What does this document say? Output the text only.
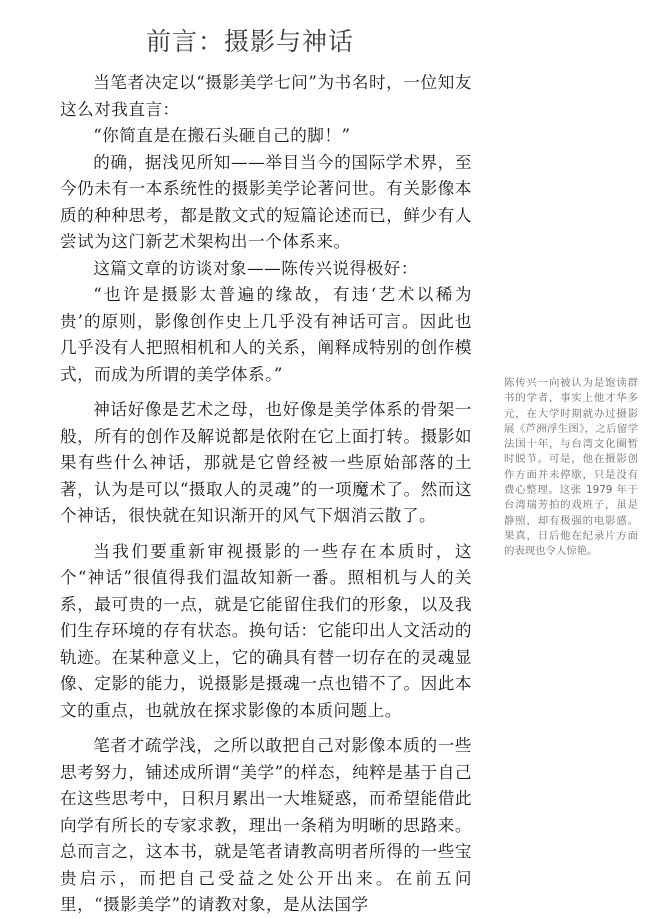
前言：摄影与神话

当笔者决定以“摄影美学七问”为书名时，一位知友这么对我直言：

“你简直是在搬石头砸自己的脚！”

的确，据浅见所知——举目当今的国际学术界，至今仍未有一本系统性的摄影美学论著问世。有关影像本质的种种思考，都是散文式的短篇论述而已，鲜少有人尝试为这门新艺术架构出一个体系来。

这篇文章的访谈对象——陈传兴说得极好：

“也许是摄影太普遍的缘故，有违‘艺术以稀为贵’的原则，影像创作史上几乎没有神话可言。因此也几乎没有人把照相机和人的关系，阐释成特别的创作模式，而成为所谓的美学体系。”

神话好像是艺术之母，也好像是美学体系的骨架一般，所有的创作及解说都是依附在它上面打转。摄影如果有些什么神话，那就是它曾经被一些原始部落的土著，认为是可以“摄取人的灵魂”的一项魔术了。然而这个神话，很快就在知识渐开的风气下烟消云散了。

当我们要重新审视摄影的一些存在本质时，这个“神话”很值得我们温故知新一番。照相机与人的关系，最可贵的一点，就是它能留住我们的形象，以及我们生存环境的存有状态。换句话：它能印出人文活动的轨迹。在某种意义上，它的确具有替一切存在的灵魂显像、定影的能力，说摄影是摄魂一点也错不了。因此本文的重点，也就放在探求影像的本质问题上。

笔者才疏学浅，之所以敢把自己对影像本质的一些思考努力，铺述成所谓“美学”的样态，纯粹是基于自己在这些思考中，日积月累出一大堆疑惑，而希望能借此向学有所长的专家求教，理出一条稍为明晰的思路来。总而言之，这本书，就是笔者请教高明者所得的一些宝贵启示，而把自己受益之处公开出来。在前五问里，“摄影美学”的请教对象，是从法国学

陈传兴一向被认为是饱读群书的学者，事实上他才华多元，在大学时期就办过摄影展《芦洲浮生图》，之后留学法国十年，与台湾文化圈暂时脱节。可是，他在摄影创作方面并未停歇，只是没有费心整理。这张 1979 年于台湾瑞芳拍的戏班子，虽是静照，却有极强的电影感。果真，日后他在纪录片方面的表现也令人惊艳。
